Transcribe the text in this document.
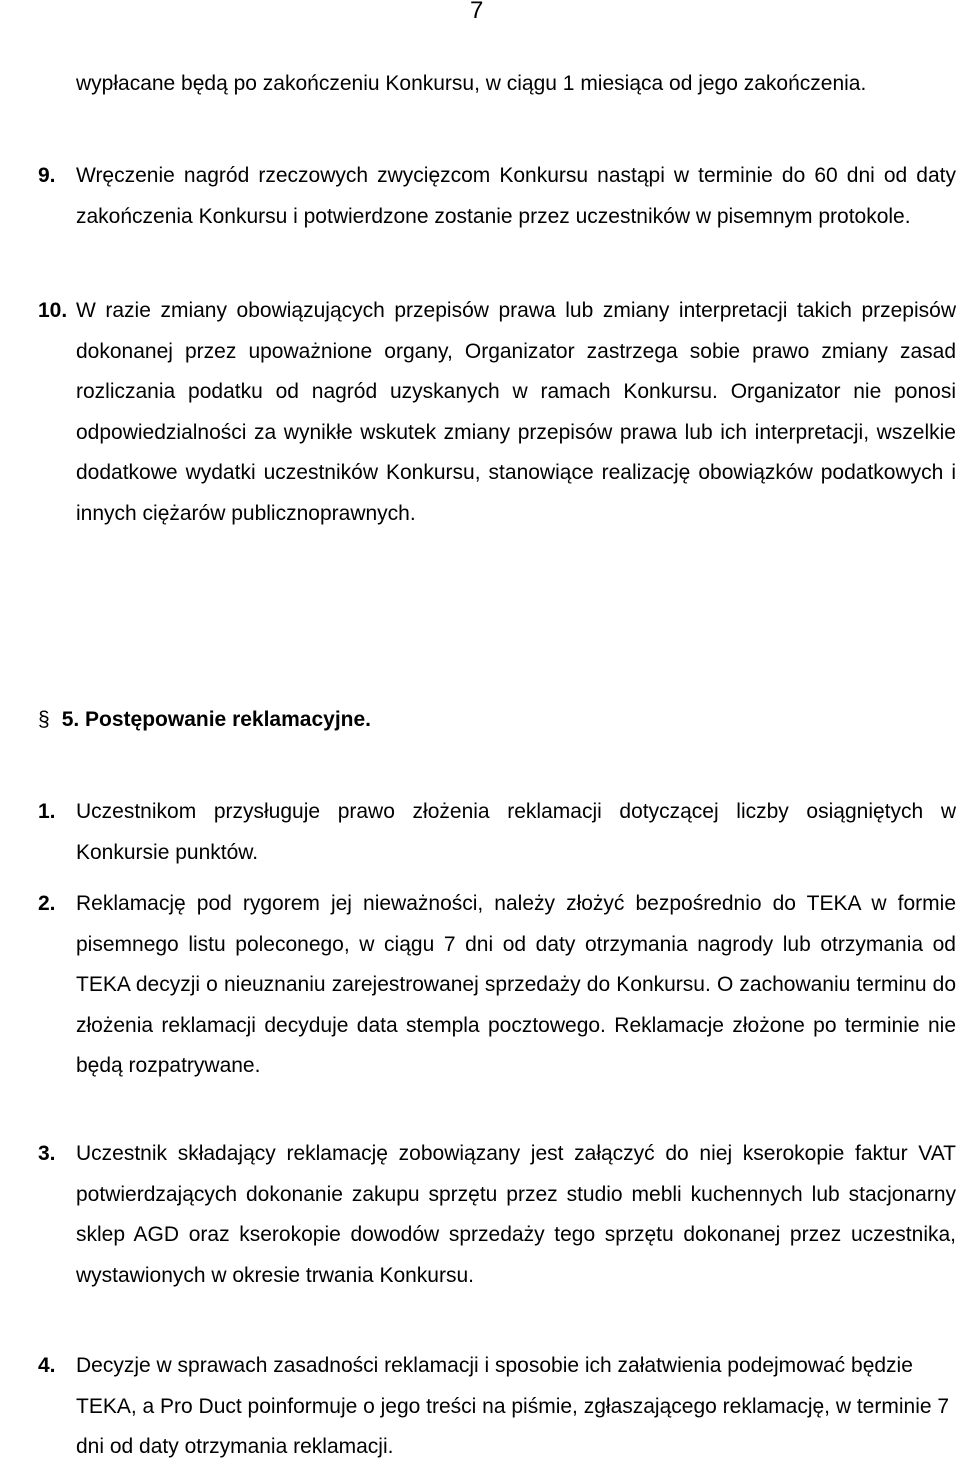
7
wypłacane będą po zakończeniu Konkursu, w ciągu 1 miesiąca od jego zakończenia.
9. Wręczenie nagród rzeczowych zwycięzcom Konkursu nastąpi w terminie do 60 dni od daty zakończenia Konkursu i potwierdzone zostanie przez uczestników w pisemnym protokole.
10. W razie zmiany obowiązujących przepisów prawa lub zmiany interpretacji takich przepisów dokonanej przez upoważnione organy, Organizator zastrzega sobie prawo zmiany zasad rozliczania podatku od nagród uzyskanych w ramach Konkursu. Organizator nie ponosi odpowiedzialności za wynikłe wskutek zmiany przepisów prawa lub ich interpretacji, wszelkie dodatkowe wydatki uczestników Konkursu, stanowiące realizację obowiązków podatkowych i innych ciężarów publicznoprawnych.
§ 5. Postępowanie reklamacyjne.
1. Uczestnikom przysługuje prawo złożenia reklamacji dotyczącej liczby osiągniętych w Konkursie punktów.
2. Reklamację pod rygorem jej nieważności, należy złożyć bezpośrednio do TEKA w formie pisemnego listu poleconego, w ciągu 7 dni od daty otrzymania nagrody lub otrzymania od TEKA decyzji o nieuznaniu zarejestrowanej sprzedaży do Konkursu. O zachowaniu terminu do złożenia reklamacji decyduje data stempla pocztowego. Reklamacje złożone po terminie nie będą rozpatrywane.
3. Uczestnik składający reklamację zobowiązany jest załączyć do niej kserokopie faktur VAT potwierdzających dokonanie zakupu sprzętu przez studio mebli kuchennych lub stacjonarny sklep AGD oraz kserokopie dowodów sprzedaży tego sprzętu dokonanej przez uczestnika, wystawionych w okresie trwania Konkursu.
4. Decyzje w sprawach zasadności reklamacji i sposobie ich załatwienia podejmować będzie TEKA, a Pro Duct poinformuje o jego treści na piśmie, zgłaszającego reklamację, w terminie 7 dni od daty otrzymania reklamacji.
